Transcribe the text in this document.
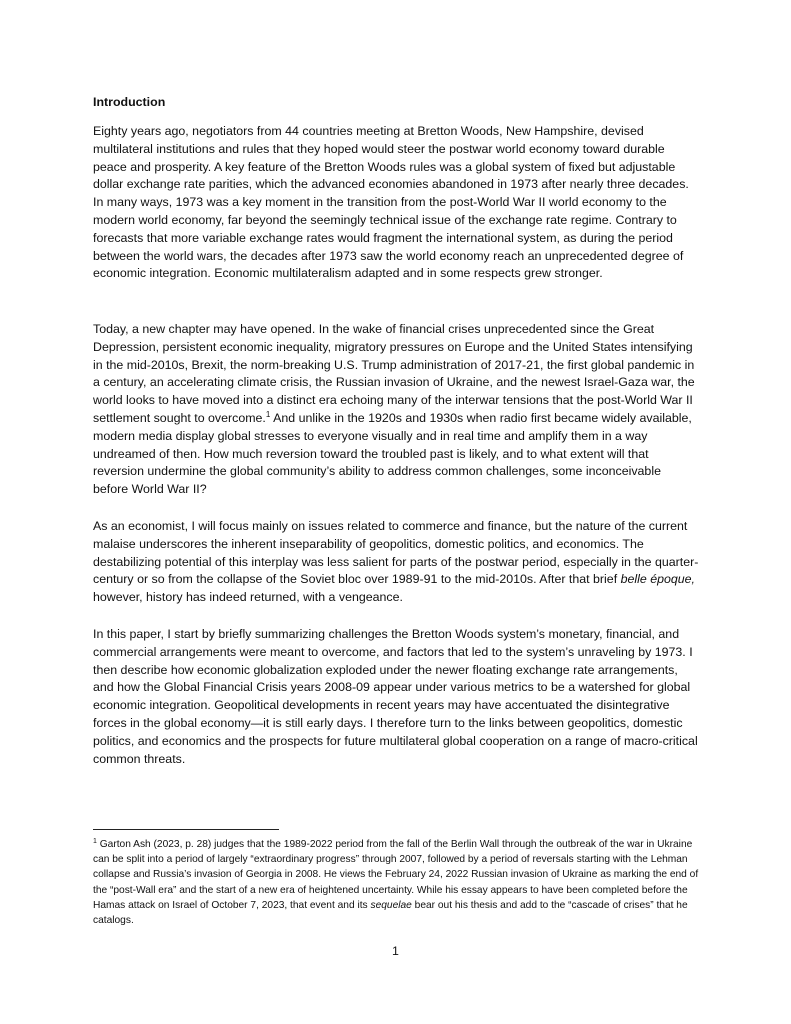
Introduction

Eighty years ago, negotiators from 44 countries meeting at Bretton Woods, New Hampshire, devised multilateral institutions and rules that they hoped would steer the postwar world economy toward durable peace and prosperity. A key feature of the Bretton Woods rules was a global system of fixed but adjustable dollar exchange rate parities, which the advanced economies abandoned in 1973 after nearly three decades. In many ways, 1973 was a key moment in the transition from the post-World War II world economy to the modern world economy, far beyond the seemingly technical issue of the exchange rate regime. Contrary to forecasts that more variable exchange rates would fragment the international system, as during the period between the world wars, the decades after 1973 saw the world economy reach an unprecedented degree of economic integration. Economic multilateralism adapted and in some respects grew stronger.

Today, a new chapter may have opened. In the wake of financial crises unprecedented since the Great Depression, persistent economic inequality, migratory pressures on Europe and the United States intensifying in the mid-2010s, Brexit, the norm-breaking U.S. Trump administration of 2017-21, the first global pandemic in a century, an accelerating climate crisis, the Russian invasion of Ukraine, and the newest Israel-Gaza war, the world looks to have moved into a distinct era echoing many of the interwar tensions that the post-World War II settlement sought to overcome.$^1$ And unlike in the 1920s and 1930s when radio first became widely available, modern media display global stresses to everyone visually and in real time and amplify them in a way undreamed of then. How much reversion toward the troubled past is likely, and to what extent will that reversion undermine the global community’s ability to address common challenges, some inconceivable before World War II?

As an economist, I will focus mainly on issues related to commerce and finance, but the nature of the current malaise underscores the inherent inseparability of geopolitics, domestic politics, and economics. The destabilizing potential of this interplay was less salient for parts of the postwar period, especially in the quarter-century or so from the collapse of the Soviet bloc over 1989-91 to the mid-2010s. After that brief belle époque, however, history has indeed returned, with a vengeance.

In this paper, I start by briefly summarizing challenges the Bretton Woods system’s monetary, financial, and commercial arrangements were meant to overcome, and factors that led to the system’s unraveling by 1973. I then describe how economic globalization exploded under the newer floating exchange rate arrangements, and how the Global Financial Crisis years 2008-09 appear under various metrics to be a watershed for global economic integration. Geopolitical developments in recent years may have accentuated the disintegrative forces in the global economy—it is still early days. I therefore turn to the links between geopolitics, domestic politics, and economics and the prospects for future multilateral global cooperation on a range of macro-critical common threats.

$^1$ Garton Ash (2023, p. 28) judges that the 1989-2022 period from the fall of the Berlin Wall through the outbreak of the war in Ukraine can be split into a period of largely “extraordinary progress” through 2007, followed by a period of reversals starting with the Lehman collapse and Russia’s invasion of Georgia in 2008. He views the February 24, 2022 Russian invasion of Ukraine as marking the end of the “post-Wall era” and the start of a new era of heightened uncertainty. While his essay appears to have been completed before the Hamas attack on Israel of October 7, 2023, that event and its sequelae bear out his thesis and add to the “cascade of crises” that he catalogs.

1
